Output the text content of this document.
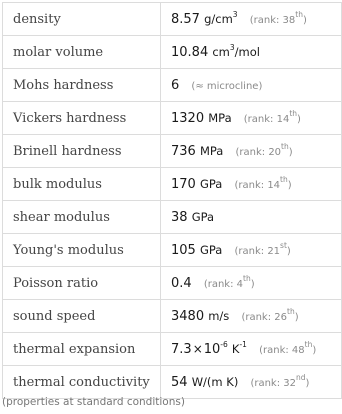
density	8.57 $g/cm^3$ (rank: 38th)
molar volume	10.84 $cm^3$/mol
Mohs hardness	6 (≈ microcline)
Vickers hardness	1320 MPa (rank: 14th)
Brinell hardness	736 MPa (rank: 20th)
bulk modulus	170 GPa (rank: 14th)
shear modulus	38 GPa
Young's modulus	105 GPa (rank: 21st)
Poisson ratio	0.4 (rank: 4th)
sound speed	3480 m/s (rank: 26th)
thermal expansion	$7.3\times 10^{-6}$ $K^{-1}$ (rank: 48th)
thermal conductivity	54 W/(m K) (rank: 32nd)
(properties at standard conditions)
